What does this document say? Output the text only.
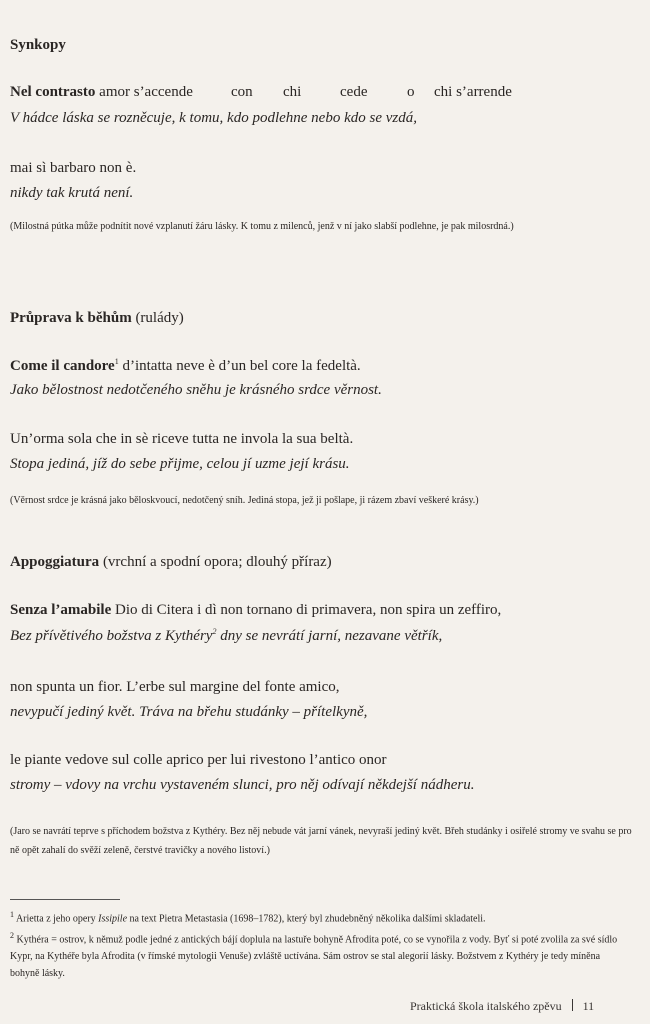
Synkopy
Nel contrasto amor s’accende	con chi	cede	o chi s’arrende
V hádce láska se rozněcuje, k tomu, kdo podlehne nebo kdo se vzdá,
mai sì barbaro non è.
nikdy tak krutá není.
(Milostná pútka může podnítit nové vzplanutí žáru lásky. K tomu z milenců, jenž v ní jako slabší podlehne, je pak milosrdná.)
Průprava k běhům (rulády)
Come il candore$^1$ d’intatta neve è d’un bel core la fedeltà.
Jako bělostnost nedotčeného sněhu je krásného srdce věrnost.
Un’orma sola che in sè riceve tutta ne invola la sua beltà.
Stopa jediná, jíž do sebe přijme, celou jí uzme její krásu.
(Věrnost srdce je krásná jako běloskvoucí, nedotčený sníh. Jediná stopa, jež ji pošlape, ji rázem zbaví veškeré krásy.)
Appoggiatura (vrchní a spodní opora; dlouhý příraz)
Senza l’amabile Dio di Citera i dì non tornano di primavera, non spira un zeffiro,
Bez přívětivého božstva z Kythéry$^2$ dny se nevrátí jarní, nezavane větřík,
non spunta un fior. L’erbe sul margine del fonte amico,
nevypučí jediný květ. Tráva na břehu studánky – přítelkyně,
le piante vedove sul colle aprico per lui rivestono l’antico onor
stromy – vdovy na vrchu vystaveném slunci, pro něj odívají někdejší nádheru.
(Jaro se navrátí teprve s příchodem božstva z Kythéry. Bez něj nebude vát jarní vánek, nevyraší jediný květ. Břeh studánky i osiřelé stromy ve svahu se pro ně opět zahalí do svěží zeleně, čerstvé travičky a nového listoví.)
$^1$ Arietta z jeho opery Issipile na text Pietra Metastasia (1698–1782), který byl zhudebněný několika dalšími skladateli.
$^2$ Kythéra = ostrov, k němuž podle jedné z antických bájí doplula na lastuře bohyně Afrodita poté, co se vynořila z vody. Byť si poté zvolila za své sídlo Kypr, na Kythéře byla Afrodita (v římské mytologii Venuše) zvláště uctívána. Sám ostrov se stal alegorií lásky. Božstvem z Kythéry je tedy míněna bohyně lásky.
Praktická škola italského zpěvu 11
